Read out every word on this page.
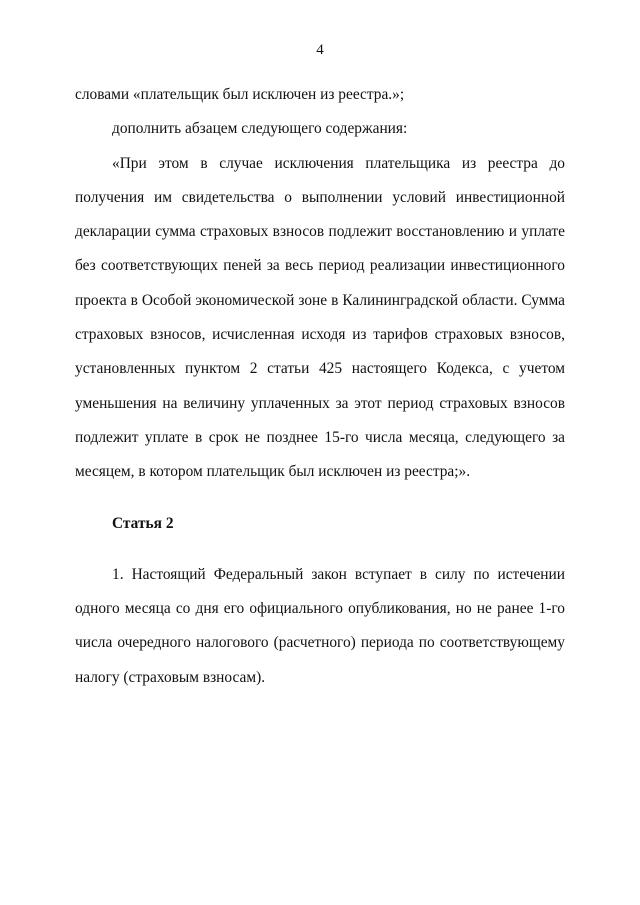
4

словами «плательщик был исключен из реестра.»;

дополнить абзацем следующего содержания:

«При этом в случае исключения плательщика из реестра до получения им свидетельства о выполнении условий инвестиционной декларации сумма страховых взносов подлежит восстановлению и уплате без соответствующих пеней за весь период реализации инвестиционного проекта в Особой экономической зоне в Калининградской области. Сумма страховых взносов, исчисленная исходя из тарифов страховых взносов, установленных пунктом 2 статьи 425 настоящего Кодекса, с учетом уменьшения на величину уплаченных за этот период страховых взносов подлежит уплате в срок не позднее 15-го числа месяца, следующего за месяцем, в котором плательщик был исключен из реестра;».

Статья 2

1. Настоящий Федеральный закон вступает в силу по истечении одного месяца со дня его официального опубликования, но не ранее 1-го числа очередного налогового (расчетного) периода по соответствующему налогу (страховым взносам).
